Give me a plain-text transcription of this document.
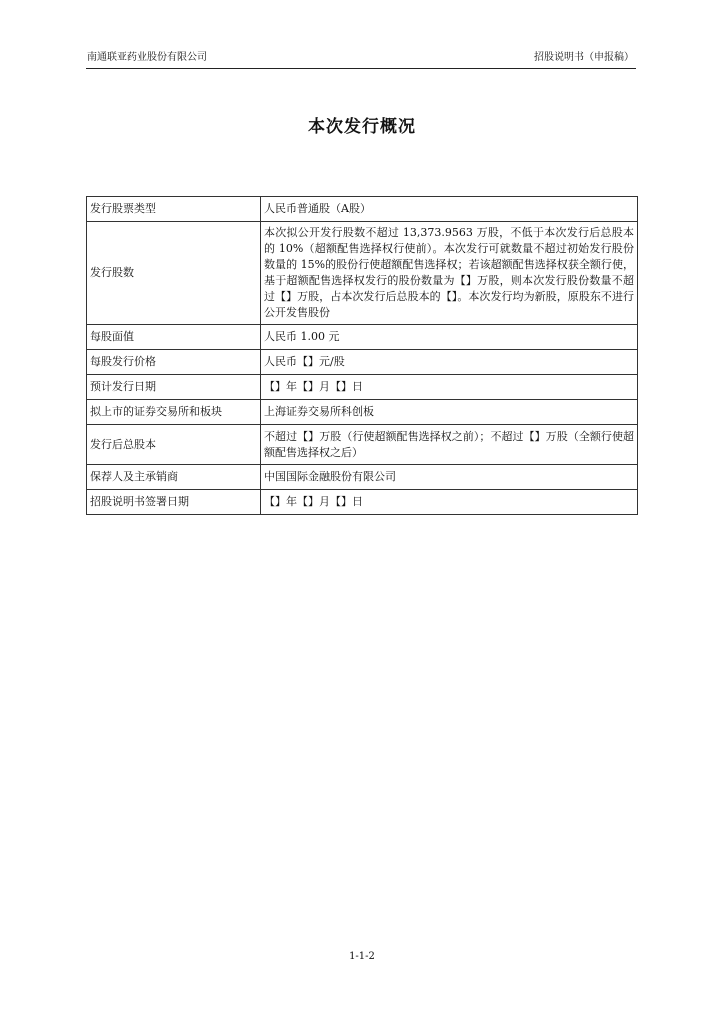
南通联亚药业股份有限公司	招股说明书（申报稿）
本次发行概况
发行股票类型	人民币普通股（A股）
发行股数	本次拟公开发行股数不超过 13,373.9563 万股，不低于本次发行后总股本的 10%（超额配售选择权行使前）。本次发行可就数量不超过初始发行股份数量的 15%的股份行使超额配售选择权；若该超额配售选择权获全额行使，基于超额配售选择权发行的股份数量为【】万股，则本次发行股份数量不超过【】万股，占本次发行后总股本的【】。本次发行均为新股，原股东不进行公开发售股份
每股面值	人民币 1.00 元
每股发行价格	人民币【】元/股
预计发行日期	【】年【】月【】日
拟上市的证券交易所和板块	上海证券交易所科创板
发行后总股本	不超过【】万股（行使超额配售选择权之前）；不超过【】万股（全额行使超额配售选择权之后）
保荐人及主承销商	中国国际金融股份有限公司
招股说明书签署日期	【】年【】月【】日
1-1-2
